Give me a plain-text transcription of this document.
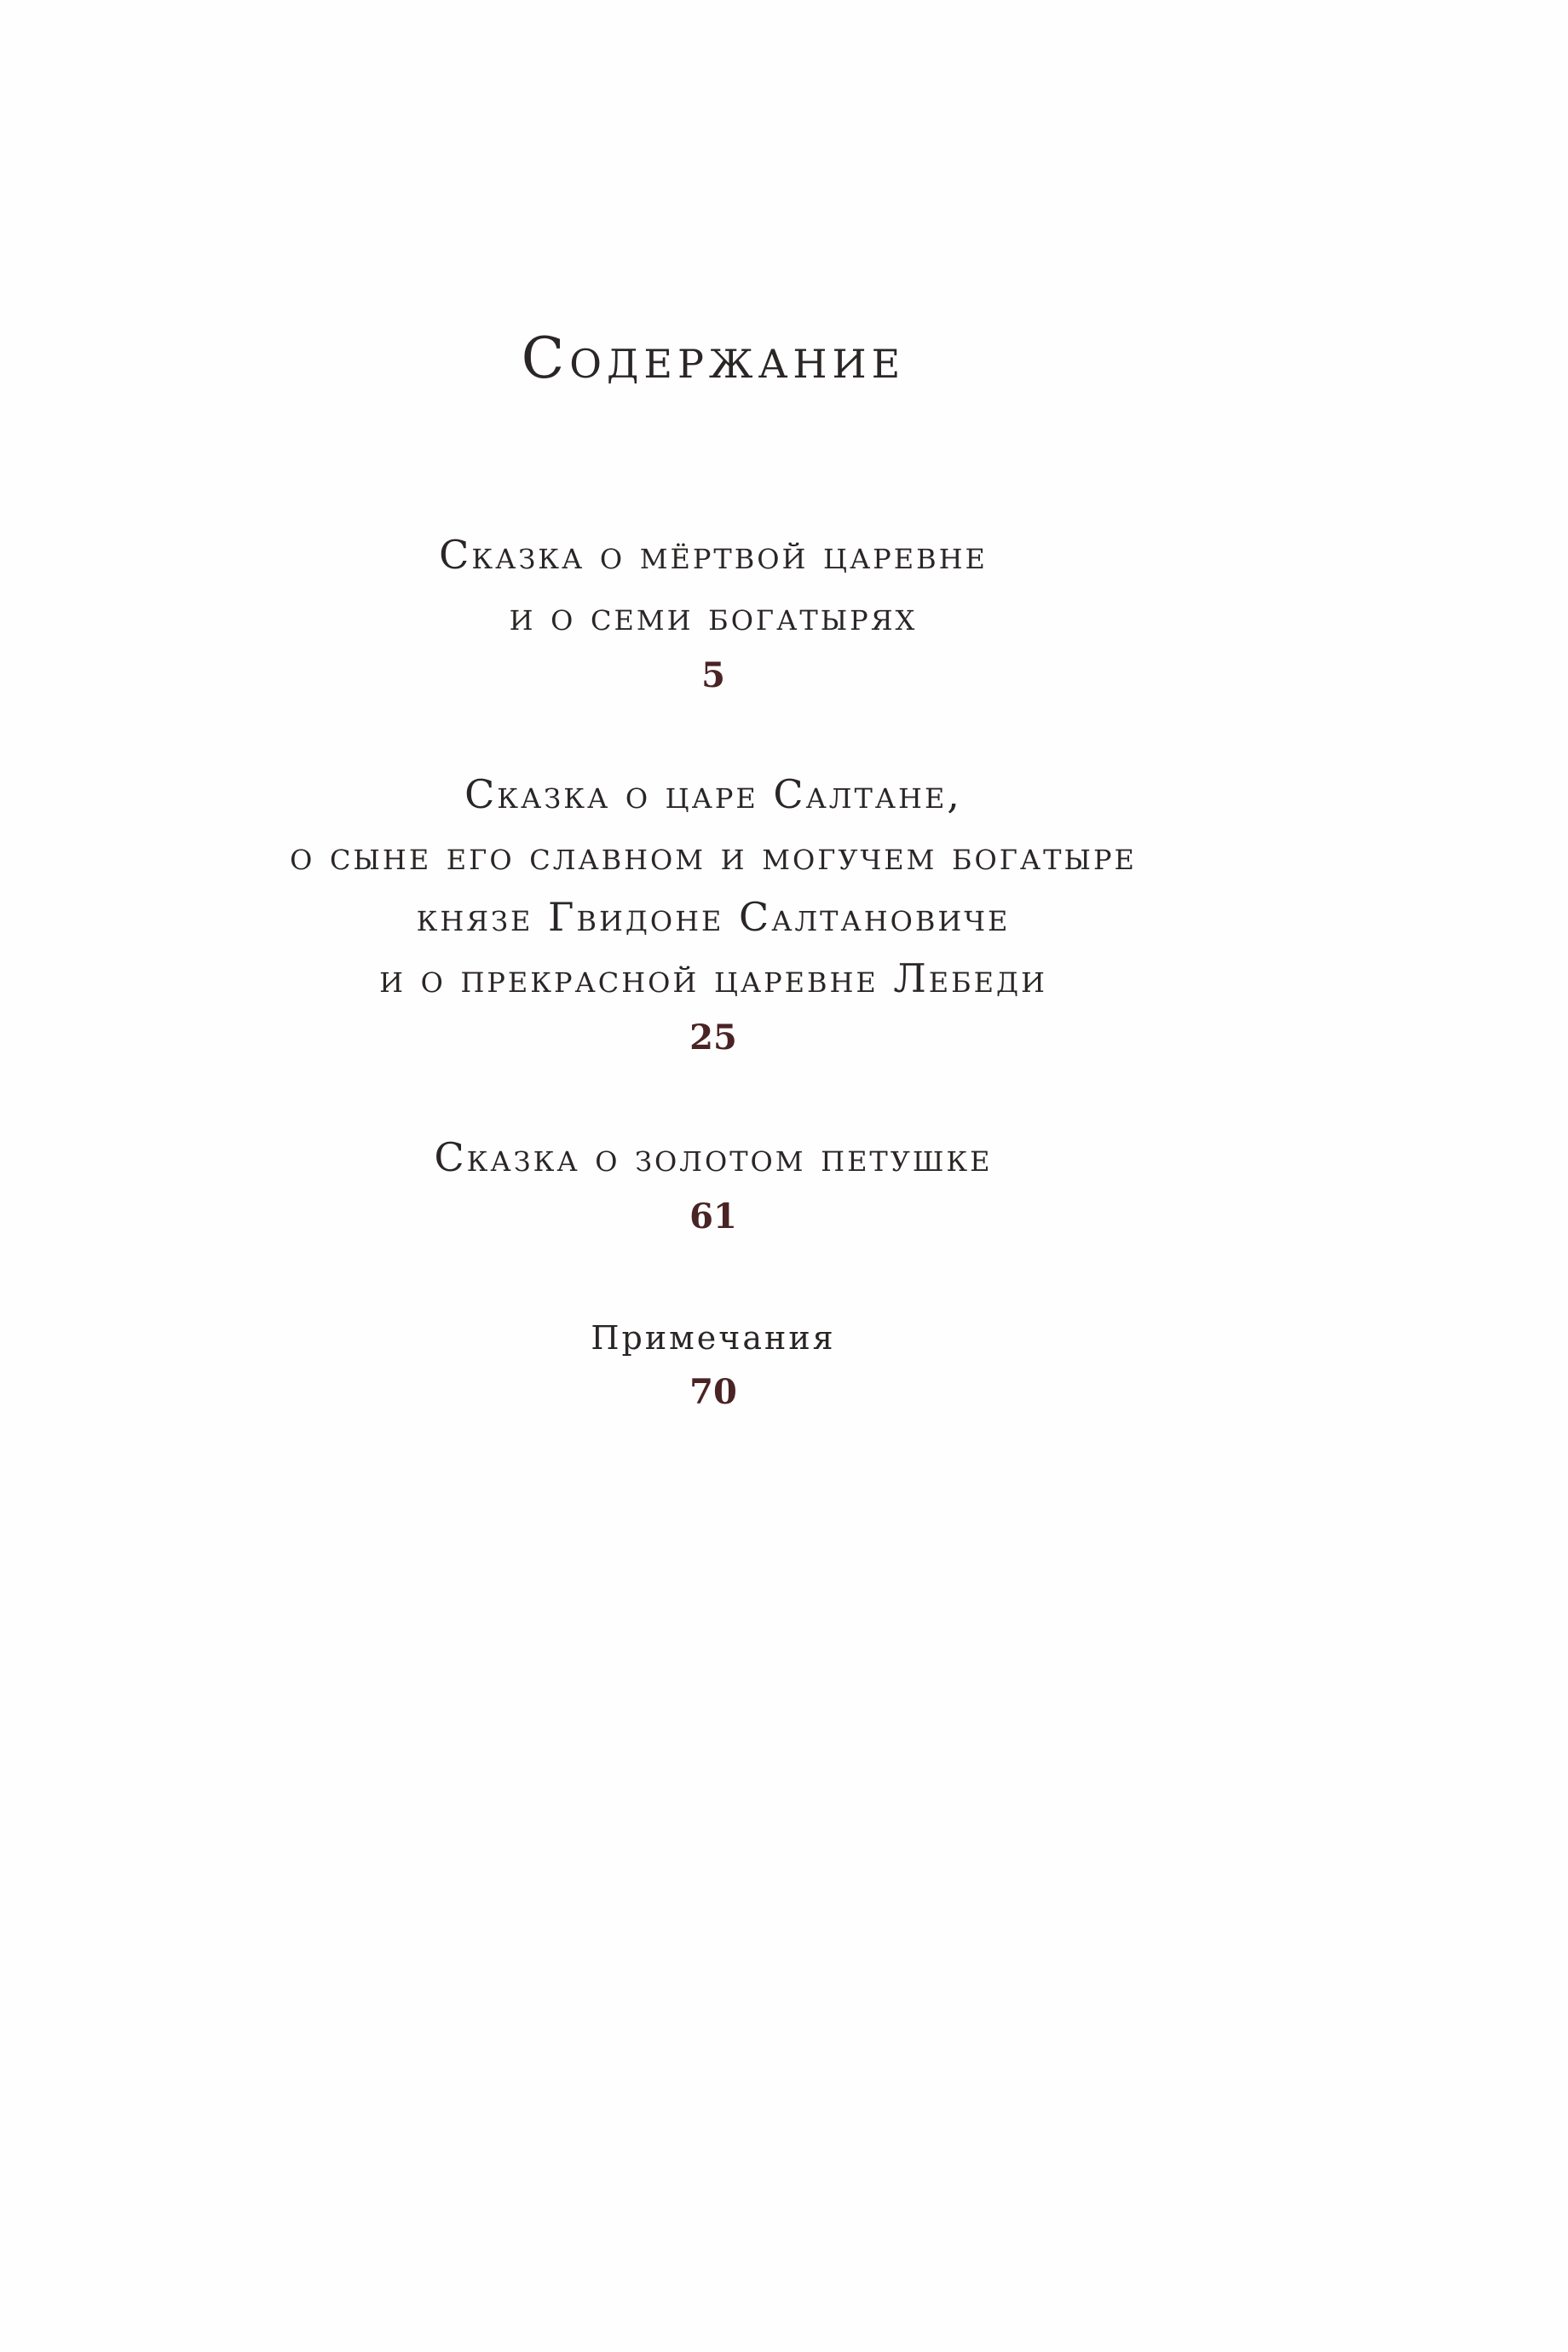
Содержание

Сказка о мёртвой царевне
и о семи богатырях

5

Сказка о царе Салтане,
о сыне его славном и могучем богатыре
князе Гвидоне Салтановиче
и о прекрасной царевне Лебеди

25

Сказка о золотом петушке

61

Примечания

70
